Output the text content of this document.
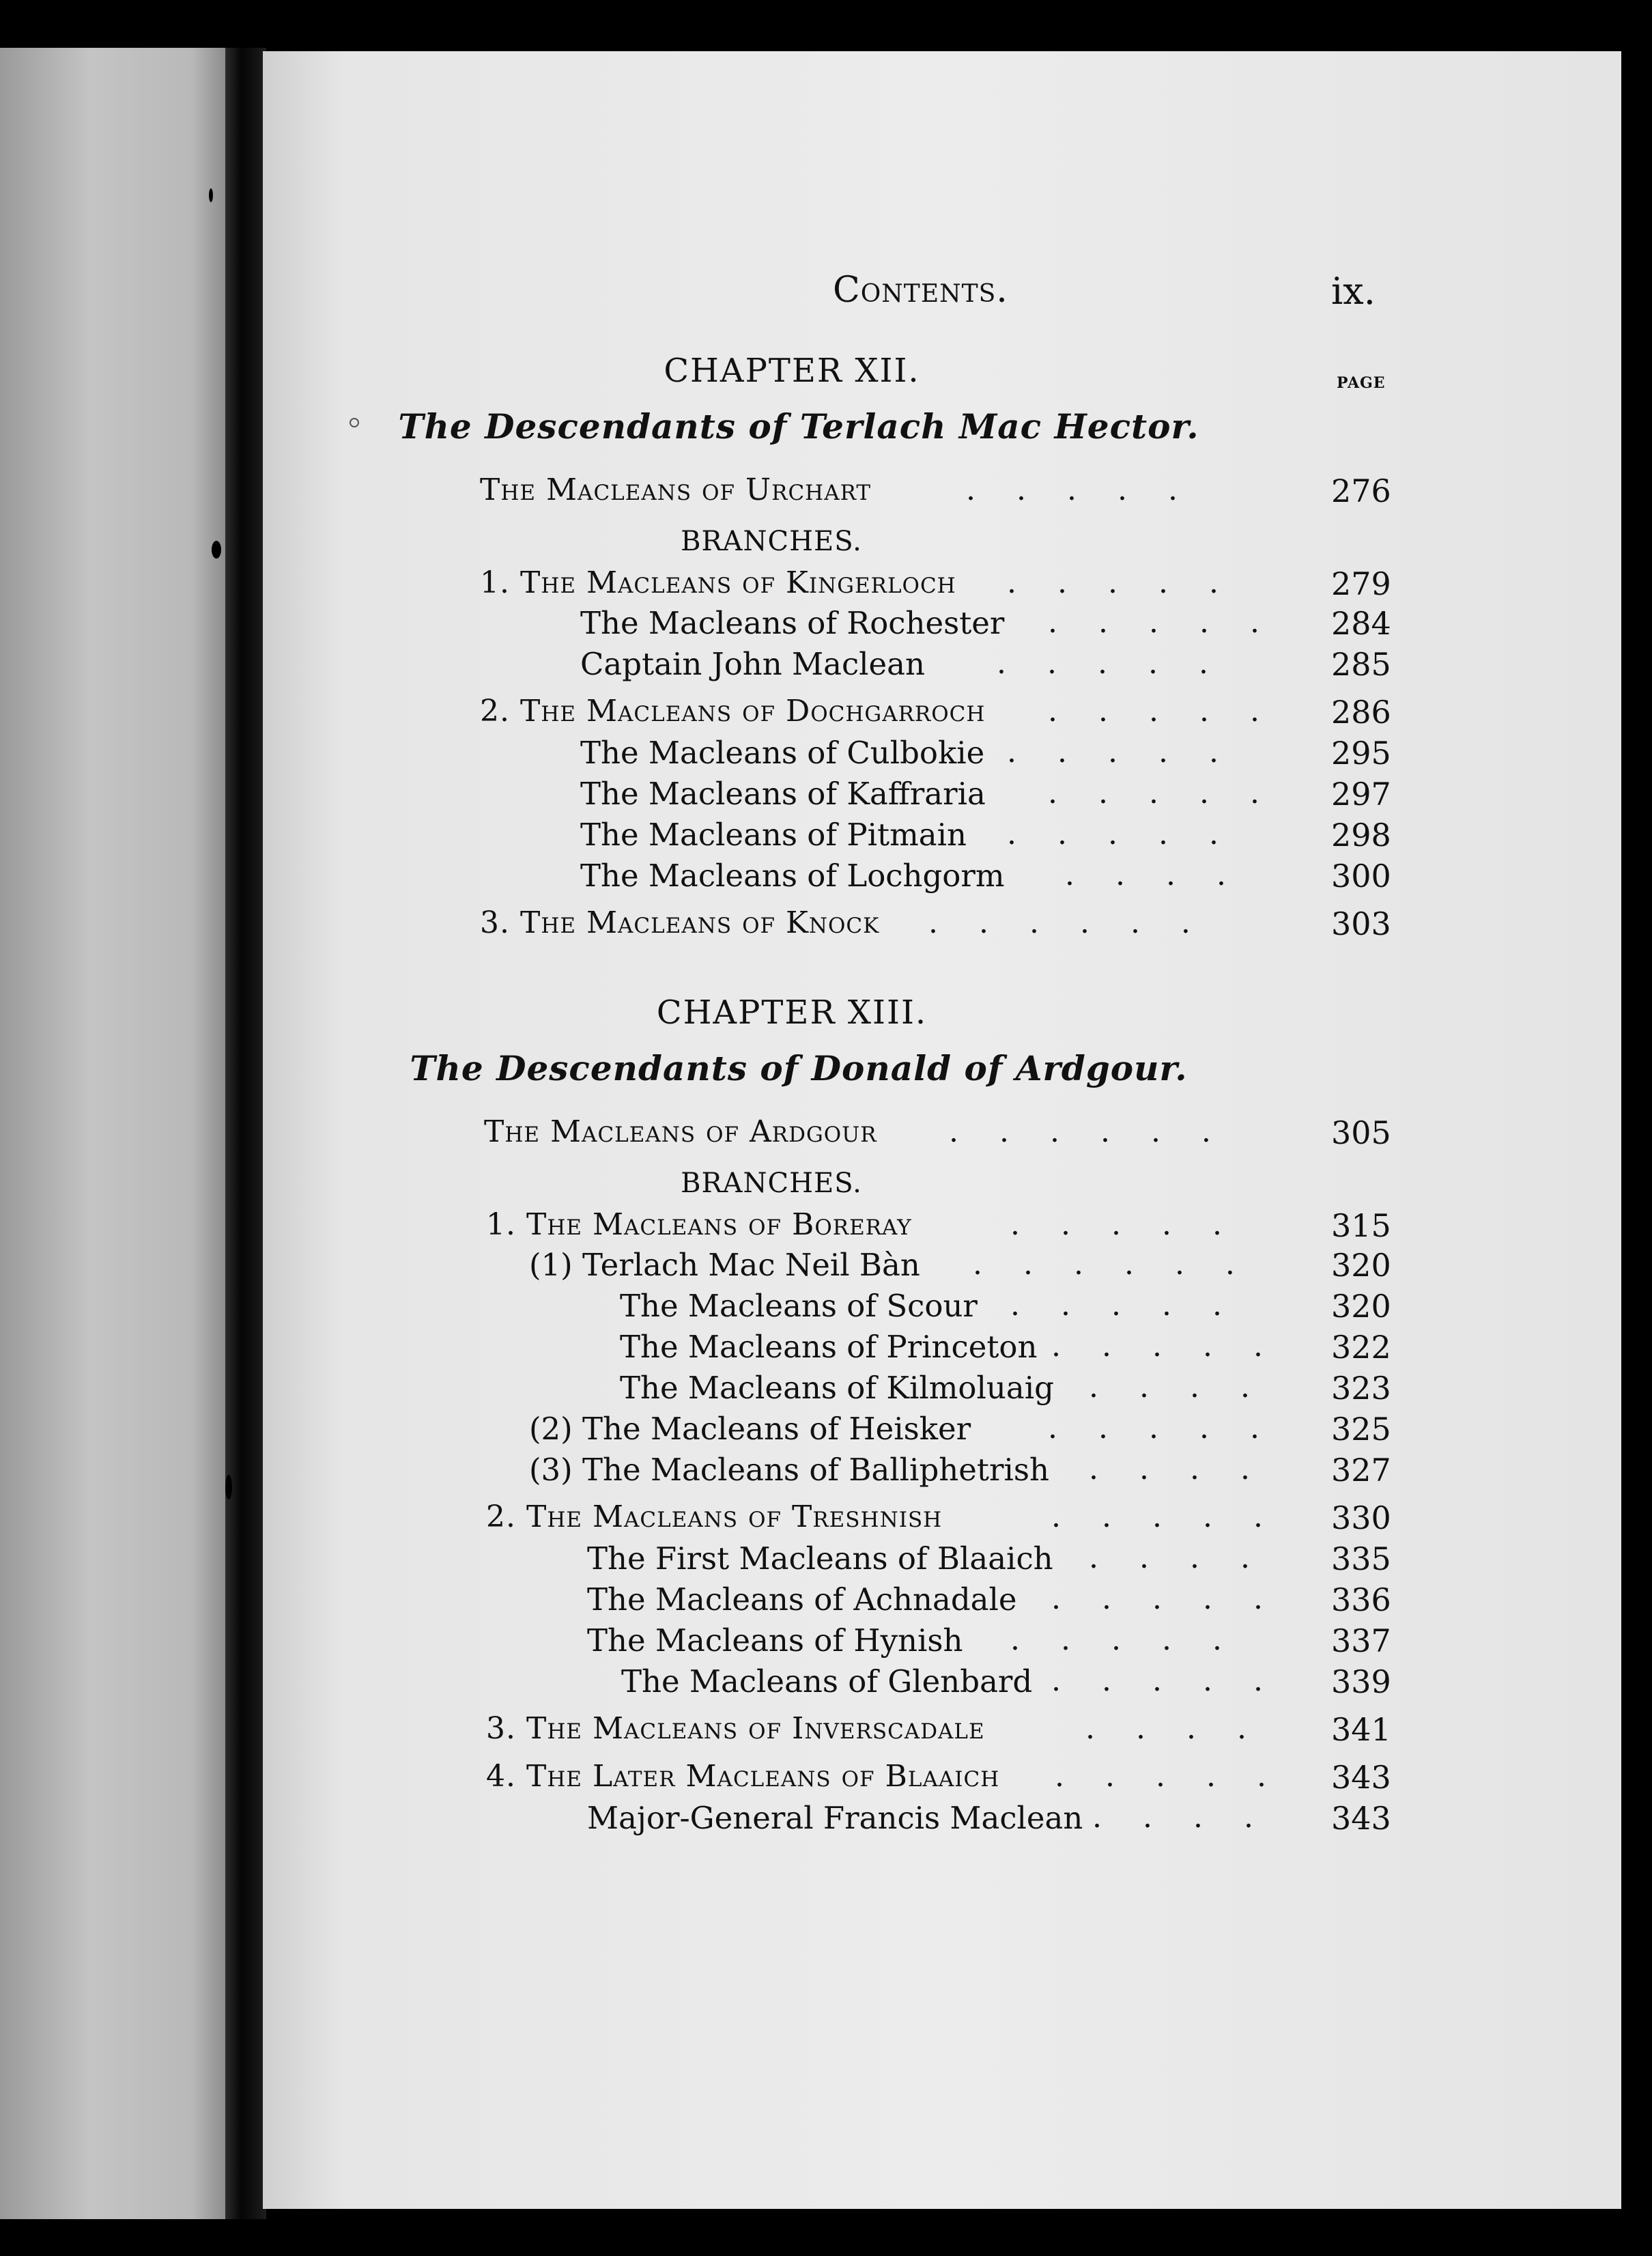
Contents.	ix.
PAGE
CHAPTER XII.
The Descendants of Terlach Mac Hector.
The Macleans of Urchart	.....	276
BRANCHES.
1. The Macleans of Kingerloch ..... 279
The Macleans of Rochester ..... 284
Captain John Maclean .....	285
2. The Macleans of Dochgarroch ..... 286
The Macleans of Culbokie ..... 295
The Macleans of Kaffraria ..... 297
The Macleans of Pitmain ..... 298
The Macleans of Lochgorm .... 300
3. The Macleans of Knock ......	303
CHAPTER XIII.
The Descendants of Donald of Ardgour.
The Macleans of Ardgour ......	305
BRANCHES.
1. The Macleans of Boreray	..... 315
(1) Terlach Mac Neil Bàn ...... 320
The Macleans of Scour ..... 320
The Macleans of Princeton ..... 322
The Macleans of Kilmoluaig .... 323
(2) The Macleans of Heisker	..... 325
(3) The Macleans of Balliphetrish .... 327
2. The Macleans of Treshnish	..... 330
The First Macleans of Blaaich .... 335
The Macleans of Achnadale ..... 336
The Macleans of Hynish ..... 337
The Macleans of Glenbard ..... 339
3. The Macleans of Inverscadale	.... 341
4. The Later Macleans of Blaaich ..... 343
Major-General Francis Maclean .... 343
